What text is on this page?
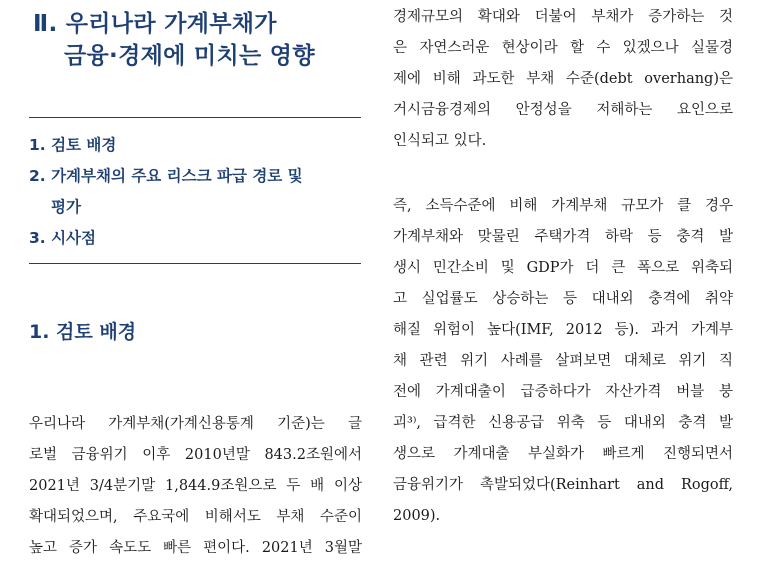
Ⅱ. 우리나라 가계부채가
금융·경제에 미치는 영향
1. 검토 배경
2. 가계부채의 주요 리스크 파급 경로 및
평가
3. 시사점
1. 검토 배경

우리나라 가계부채(가계신용통계 기준)는 글
로벌 금융위기 이후 2010년말 843.2조원에서
2021년 3/4분기말 1,844.9조원으로 두 배 이상
확대되었으며, 주요국에 비해서도 부채 수준이
높고 증가 속도도 빠른 편이다. 2021년 3월말

경제규모의 확대와 더불어 부채가 증가하는 것
은 자연스러운 현상이라 할 수 있겠으나 실물경
제에 비해 과도한 부채 수준(debt overhang)은
거시금융경제의 안정성을 저해하는 요인으로
인식되고 있다.

즉, 소득수준에 비해 가계부채 규모가 클 경우
가계부채와 맞물린 주택가격 하락 등 충격 발
생시 민간소비 및 GDP가 더 큰 폭으로 위축되
고 실업률도 상승하는 등 대내외 충격에 취약
해질 위험이 높다(IMF, 2012 등). 과거 가계부
채 관련 위기 사례를 살펴보면 대체로 위기 직
전에 가계대출이 급증하다가 자산가격 버블 붕
괴³⁾, 급격한 신용공급 위축 등 대내외 충격 발
생으로 가계대출 부실화가 빠르게 진행되면서
금융위기가 촉발되었다(Reinhart and Rogoff,
2009).
